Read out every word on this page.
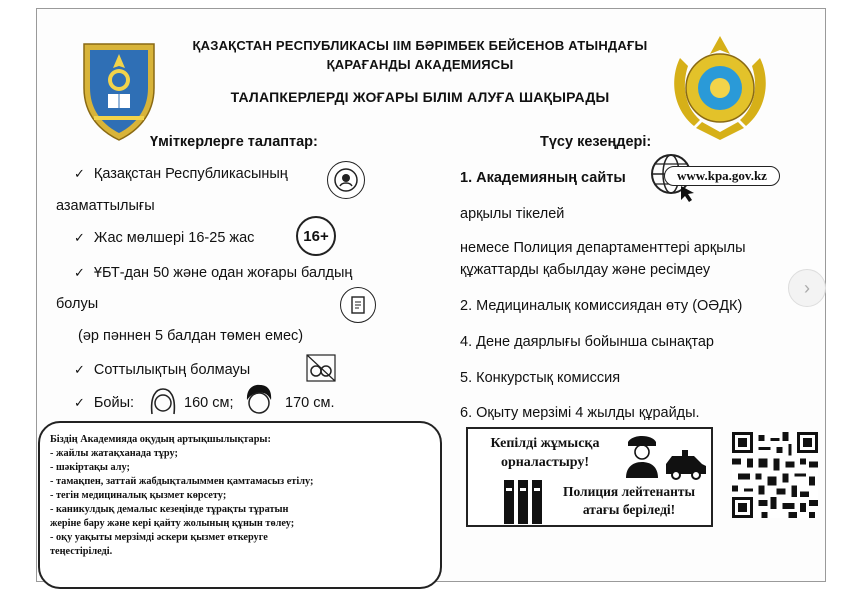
ҚАЗАҚСТАН РЕСПУБЛИКАСЫ ІІМ БӘРІМБЕК БЕЙСЕНОВ АТЫНДАҒЫ
ҚАРАҒАНДЫ АКАДЕМИЯСЫ
ТАЛАПКЕРЛЕРДІ ЖОҒАРЫ БІЛІМ АЛУҒА ШАҚЫРАДЫ
Үміткерлерге талаптар:
✓ Қазақстан Республикасының
азаматтылығы
✓ Жас мөлшері 16-25 жас	16+
✓ ҰБТ-дан 50 және одан жоғары балдың
болуы
(әр пәннен 5 балдан төмен емес)
✓ Соттылықтың болмауы
✓ Бойы:	160 см;	170 см.
Түсу кезеңдері:
1. Академияның сайты	www.kpa.gov.kz
арқылы тікелей
немесе Полиция департаменттері арқылы
құжаттарды қабылдау және ресімдеу
2. Медициналық комиссиядан өту (ОӘДК)
4. Дене даярлығы бойынша сынақтар
5. Конкурстық комиссия
6. Оқыту мерзімі 4 жылды құрайды.
Біздің Академияда оқудың артықшылықтары:
- жайлы жатақханада тұру;
- шәкіртақы алу;
- тамақпен, заттай жабдықталыммен қамтамасыз етілу;
- тегін медициналық қызмет көрсету;
- каникулдық демалыс кезеңінде тұрақты тұратын
жеріне бару және кері қайту жолының құнын төлеу;
- оқу уақыты мерзімді әскери қызмет өткеруге
теңестіріледі.
Кепілді жұмысқа
орналастыру!
Полиция лейтенанты
атағы беріледі!
›
